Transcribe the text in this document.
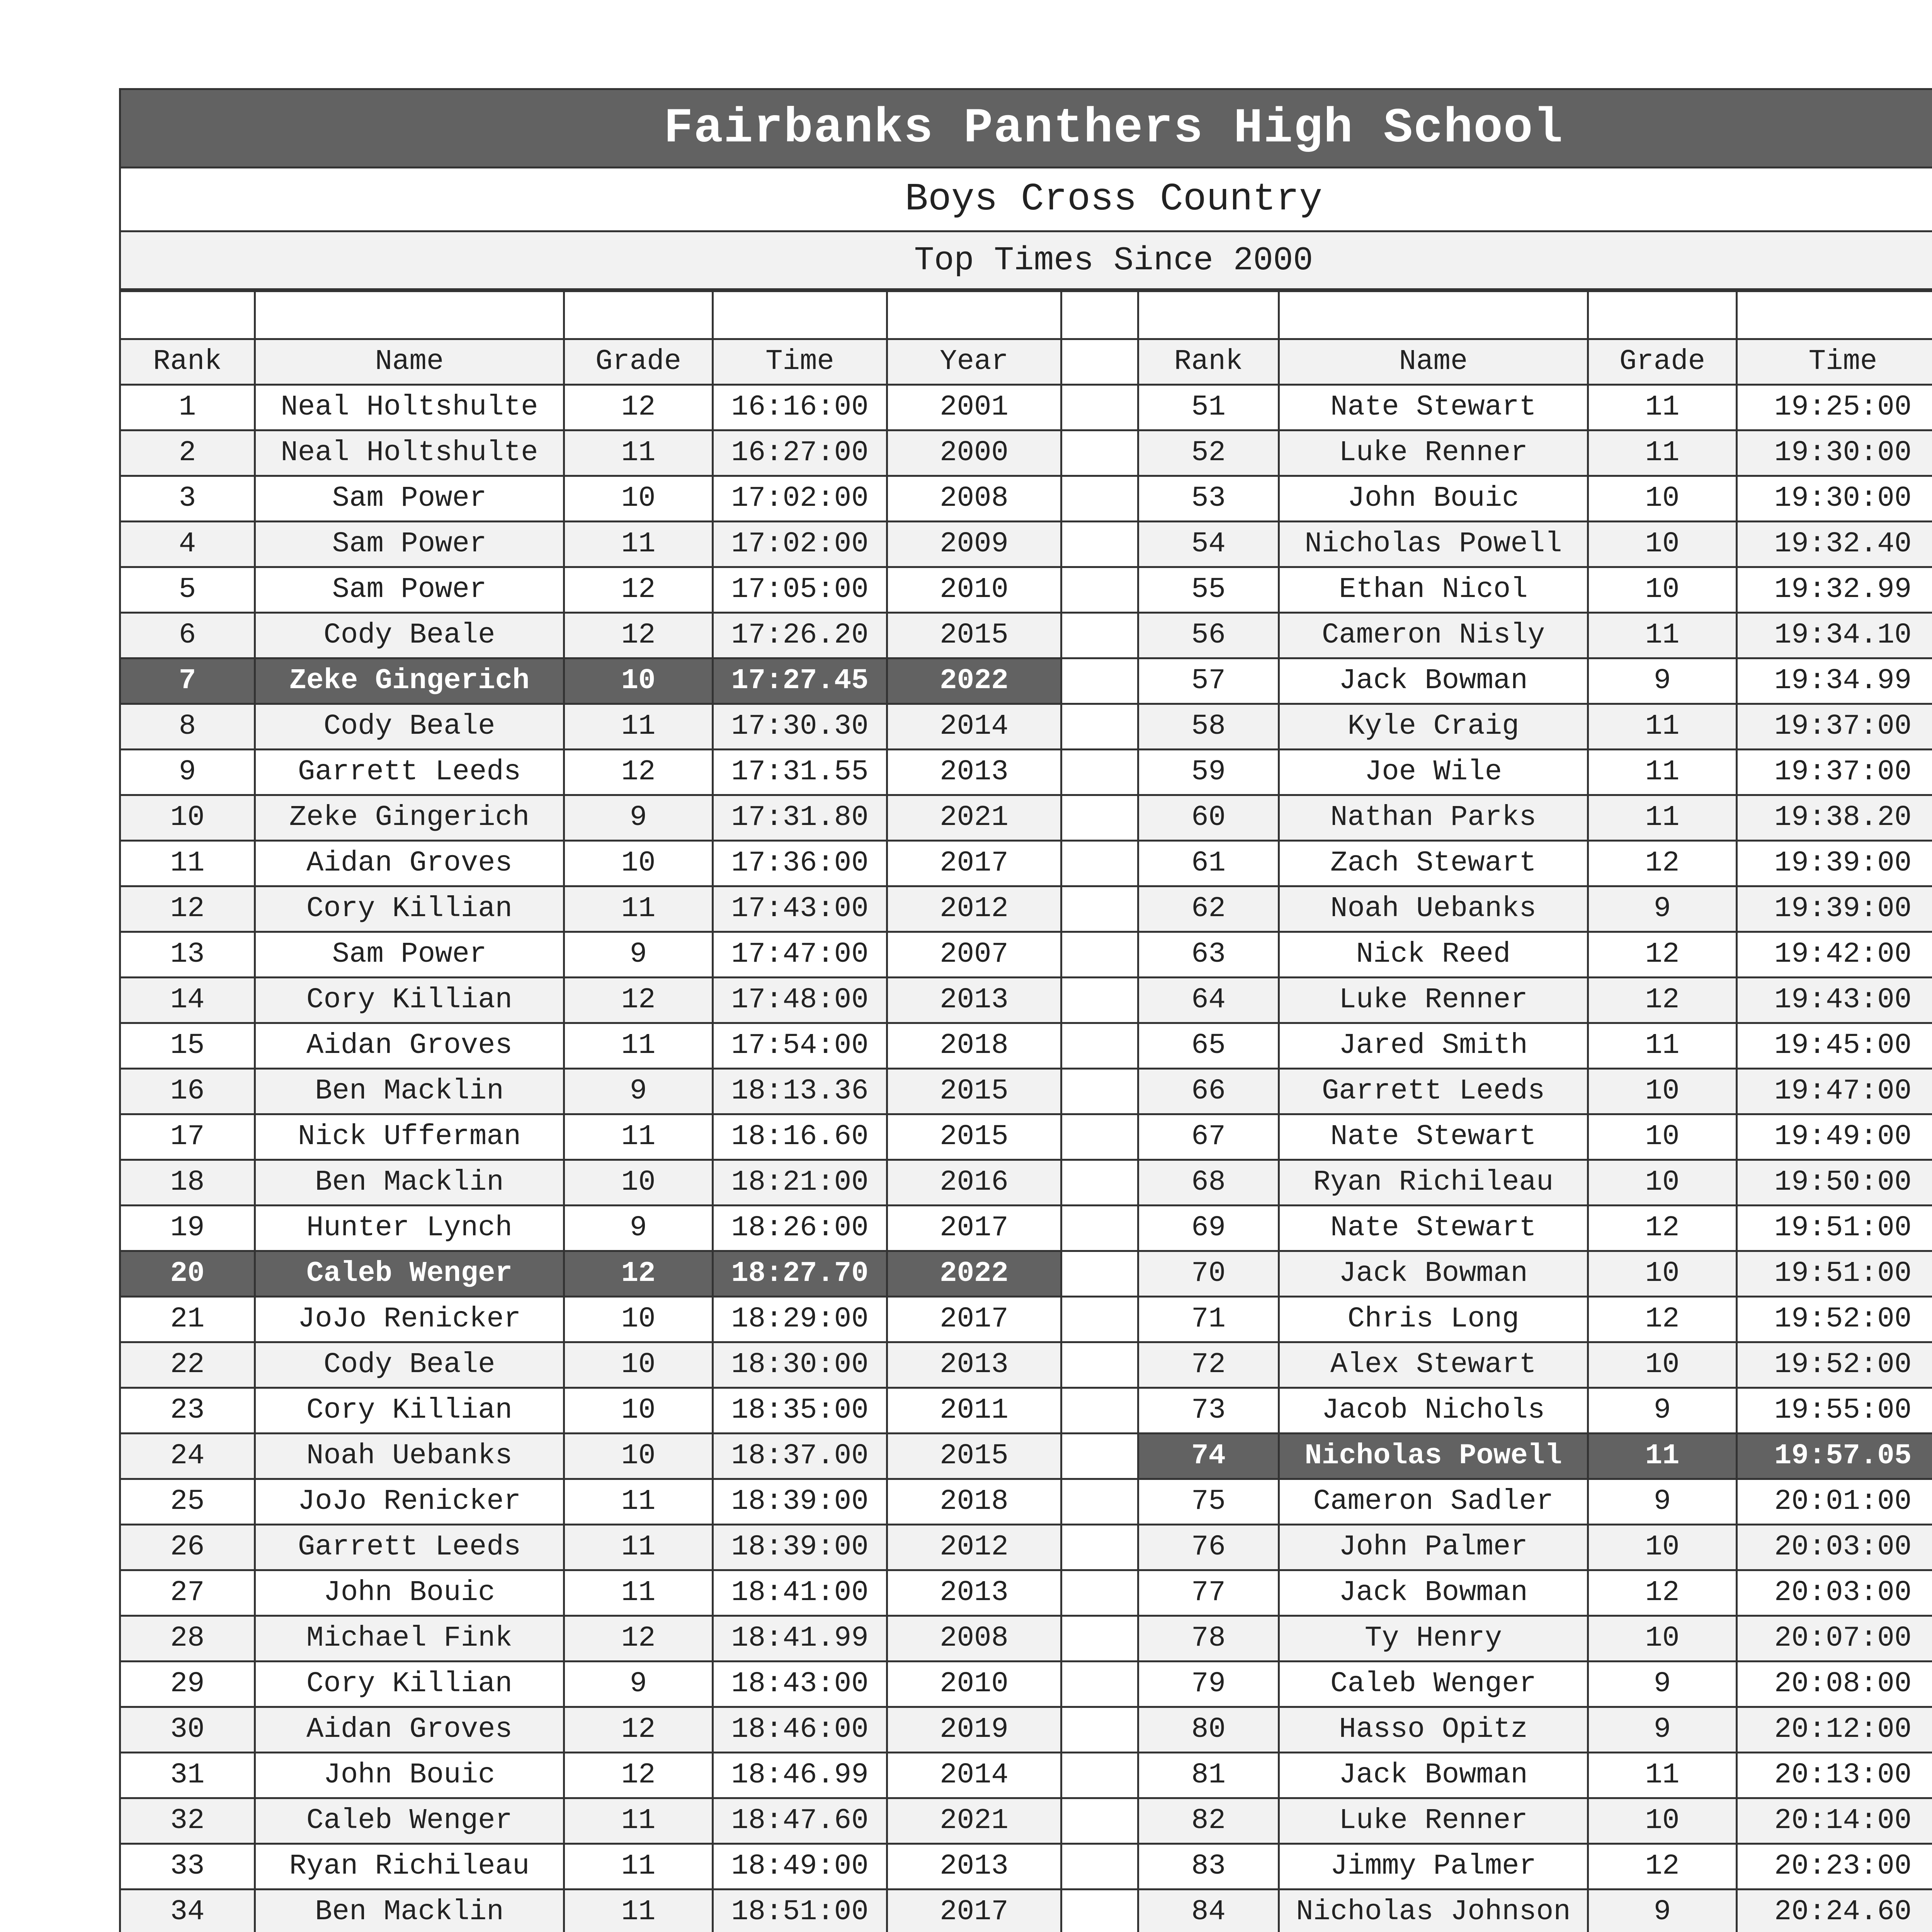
Fairbanks Panthers High School
Boys Cross Country
Top Times Since 2000

Rank	Name	Grade	Time	Year		Rank	Name	Grade	Time	
1	Neal Holtshulte	12	16:16:00	2001		51	Nate Stewart	11	19:25:00	
2	Neal Holtshulte	11	16:27:00	2000		52	Luke Renner	11	19:30:00	
3	Sam Power	10	17:02:00	2008		53	John Bouic	10	19:30:00	
4	Sam Power	11	17:02:00	2009		54	Nicholas Powell	10	19:32.40	
5	Sam Power	12	17:05:00	2010		55	Ethan Nicol	10	19:32.99	
6	Cody Beale	12	17:26.20	2015		56	Cameron Nisly	11	19:34.10	
7	Zeke Gingerich	10	17:27.45	2022		57	Jack Bowman	9	19:34.99	
8	Cody Beale	11	17:30.30	2014		58	Kyle Craig	11	19:37:00	
9	Garrett Leeds	12	17:31.55	2013		59	Joe Wile	11	19:37:00	
10	Zeke Gingerich	9	17:31.80	2021		60	Nathan Parks	11	19:38.20	
11	Aidan Groves	10	17:36:00	2017		61	Zach Stewart	12	19:39:00	
12	Cory Killian	11	17:43:00	2012		62	Noah Uebanks	9	19:39:00	
13	Sam Power	9	17:47:00	2007		63	Nick Reed	12	19:42:00	
14	Cory Killian	12	17:48:00	2013		64	Luke Renner	12	19:43:00	
15	Aidan Groves	11	17:54:00	2018		65	Jared Smith	11	19:45:00	
16	Ben Macklin	9	18:13.36	2015		66	Garrett Leeds	10	19:47:00	
17	Nick Ufferman	11	18:16.60	2015		67	Nate Stewart	10	19:49:00	
18	Ben Macklin	10	18:21:00	2016		68	Ryan Richileau	10	19:50:00	
19	Hunter Lynch	9	18:26:00	2017		69	Nate Stewart	12	19:51:00	
20	Caleb Wenger	12	18:27.70	2022		70	Jack Bowman	10	19:51:00	
21	JoJo Renicker	10	18:29:00	2017		71	Chris Long	12	19:52:00	
22	Cody Beale	10	18:30:00	2013		72	Alex Stewart	10	19:52:00	
23	Cory Killian	10	18:35:00	2011		73	Jacob Nichols	9	19:55:00	
24	Noah Uebanks	10	18:37.00	2015		74	Nicholas Powell	11	19:57.05	
25	JoJo Renicker	11	18:39:00	2018		75	Cameron Sadler	9	20:01:00	
26	Garrett Leeds	11	18:39:00	2012		76	John Palmer	10	20:03:00	
27	John Bouic	11	18:41:00	2013		77	Jack Bowman	12	20:03:00	
28	Michael Fink	12	18:41.99	2008		78	Ty Henry	10	20:07:00	
29	Cory Killian	9	18:43:00	2010		79	Caleb Wenger	9	20:08:00	
30	Aidan Groves	12	18:46:00	2019		80	Hasso Opitz	9	20:12:00	
31	John Bouic	12	18:46.99	2014		81	Jack Bowman	11	20:13:00	
32	Caleb Wenger	11	18:47.60	2021		82	Luke Renner	10	20:14:00	
33	Ryan Richileau	11	18:49:00	2013		83	Jimmy Palmer	12	20:23:00	
34	Ben Macklin	11	18:51:00	2017		84	Nicholas Johnson	9	20:24.60	
